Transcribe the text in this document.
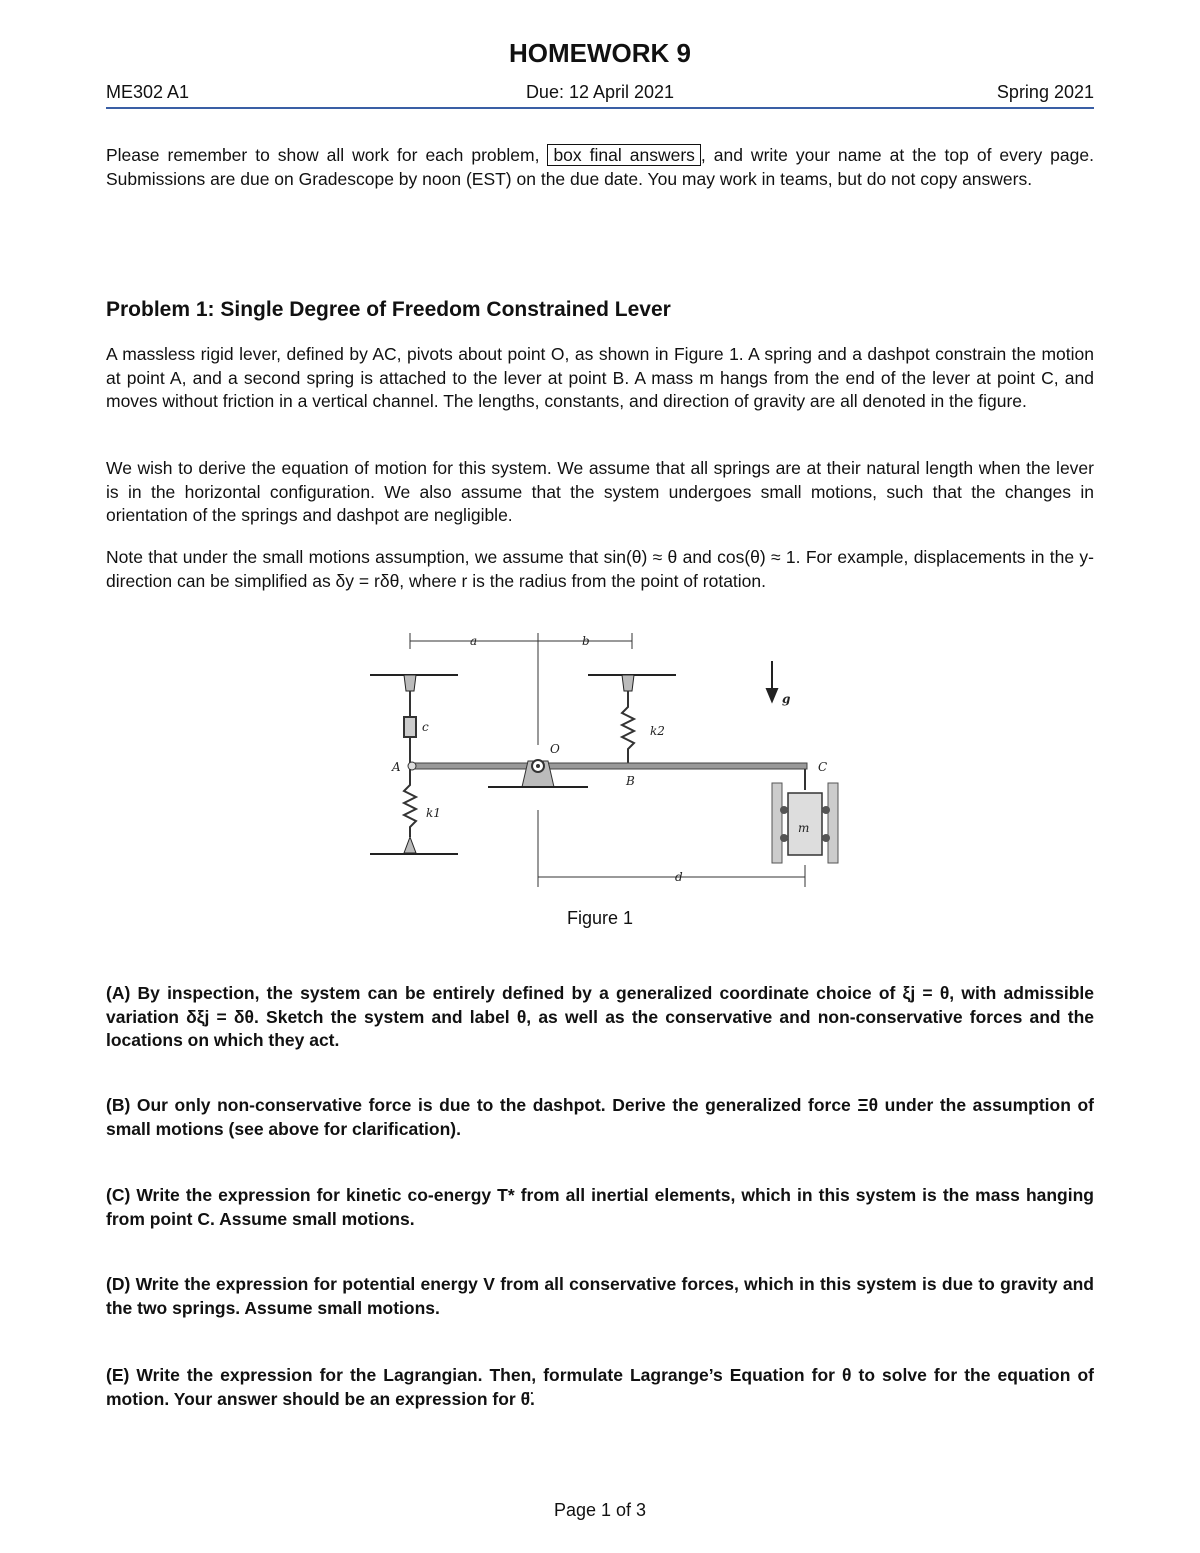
HOMEWORK 9
Due: 12 April 2021
ME302 A1	Spring 2021
Please remember to show all work for each problem, box final answers , and write your name at the top of every page. Submissions are due on Gradescope by noon (EST) on the due date. You may work in teams, but do not copy answers.
Problem 1: Single Degree of Freedom Constrained Lever
A massless rigid lever, defined by AC, pivots about point O, as shown in Figure 1. A spring and a dashpot constrain the motion at point A, and a second spring is attached to the lever at point B. A mass m hangs from the end of the lever at point C, and moves without friction in a vertical channel. The lengths, constants, and direction of gravity are all denoted in the figure.
We wish to derive the equation of motion for this system. We assume that all springs are at their natural length when the lever is in the horizontal configuration. We also assume that the system undergoes small motions, such that the changes in orientation of the springs and dashpot are negligible.
Note that under the small motions assumption, we assume that sin(θ) ≈ θ and cos(θ) ≈ 1. For example, displacements in the y-direction can be simplified as δy = rδθ, where r is the radius from the point of rotation.
a	b
d
c
k1
k2
A
B
C
O
m
g
Figure 1
(A) By inspection, the system can be entirely defined by a generalized coordinate choice of ξj = θ, with admissible variation δξj = δθ. Sketch the system and label θ, as well as the conservative and non-conservative forces and the locations on which they act.
(B) Our only non-conservative force is due to the dashpot. Derive the generalized force Ξθ under the assumption of small motions (see above for clarification).
(C) Write the expression for kinetic co-energy T* from all inertial elements, which in this system is the mass hanging from point C. Assume small motions.
(D) Write the expression for potential energy V from all conservative forces, which in this system is due to gravity and the two springs. Assume small motions.
(E) Write the expression for the Lagrangian. Then, formulate Lagrange’s Equation for θ to solve for the equation of motion. Your answer should be an expression for θ̈.
Page 1 of 3
